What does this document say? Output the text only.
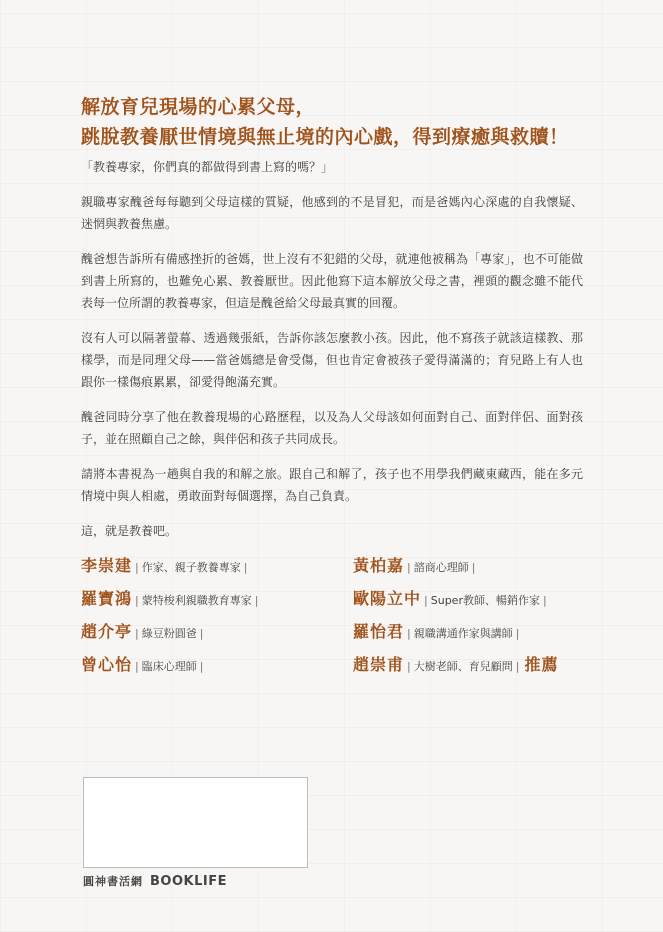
解放育兒現場的心累父母，
跳脫教養厭世情境與無止境的內心戲，得到療癒與救贖！

「教養專家，你們真的都做得到書上寫的嗎？」

親職專家醜爸每每聽到父母這樣的質疑，他感到的不是冒犯，而是爸媽內心深處的自我懷疑、迷惘與教養焦慮。

醜爸想告訴所有備感挫折的爸媽，世上沒有不犯錯的父母，就連他被稱為「專家」，也不可能做到書上所寫的，也難免心累、教養厭世。因此他寫下這本解放父母之書，裡頭的觀念雖不能代表每一位所謂的教養專家，但這是醜爸給父母最真實的回覆。

沒有人可以隔著螢幕、透過幾張紙，告訴你該怎麼教小孩。因此，他不寫孩子就該這樣教、那樣學，而是同理父母——當爸媽總是會受傷，但也肯定會被孩子愛得滿滿的；育兒路上有人也跟你一樣傷痕累累，卻愛得飽滿充實。

醜爸同時分享了他在教養現場的心路歷程，以及為人父母該如何面對自己、面對伴侶、面對孩子，並在照顧自己之餘，與伴侶和孩子共同成長。

請將本書視為一趟與自我的和解之旅。跟自己和解了，孩子也不用學我們藏東藏西，能在多元情境中與人相處，勇敢面對每個選擇，為自己負責。

這，就是教養吧。

李崇建 | 作家、親子教養專家 |
羅寶鴻 | 蒙特梭利親職教育專家 |
趙介亭 | 綠豆粉圓爸 |
曾心怡 | 臨床心理師 |
黃柏嘉 | 諮商心理師 |
歐陽立中 | Super教師、暢銷作家 |
羅怡君 | 親職溝通作家與講師 |
趙崇甫 | 大樹老師、育兒顧問 | 推薦
圓神書活網 BOOKLIFE
